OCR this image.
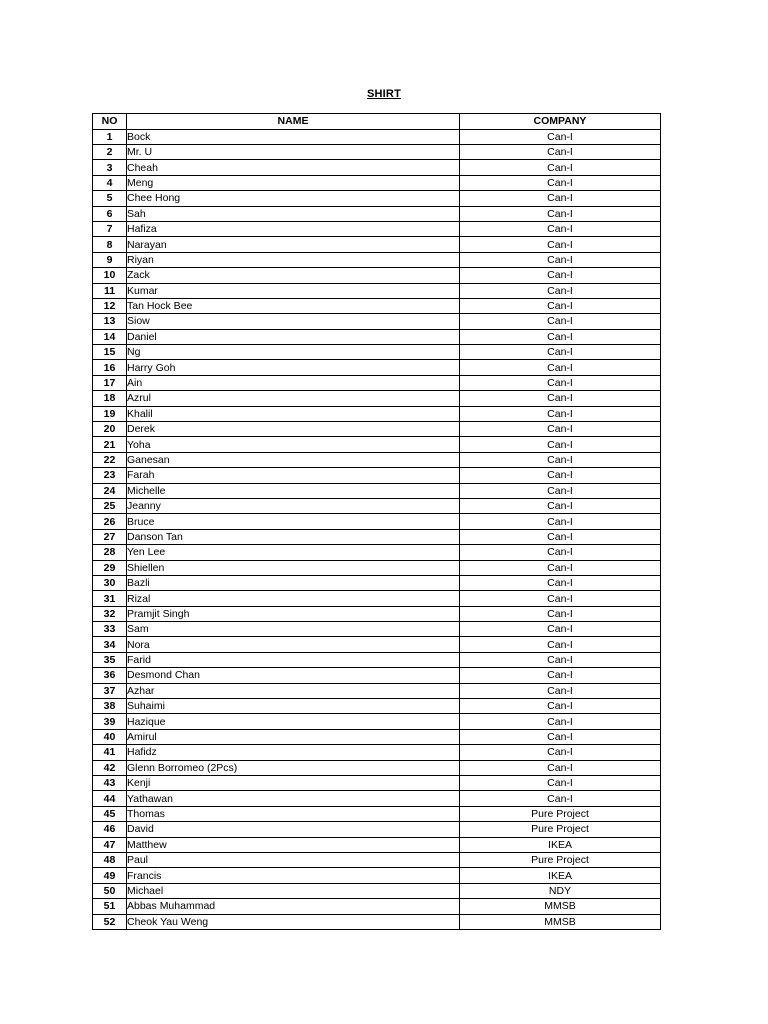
SHIRT
NO	NAME	COMPANY
1	Bock	Can-I
2	Mr. U	Can-I
3	Cheah	Can-I
4	Meng	Can-I
5	Chee Hong	Can-I
6	Sah	Can-I
7	Hafiza	Can-I
8	Narayan	Can-I
9	Riyan	Can-I
10	Zack	Can-I
11	Kumar	Can-I
12	Tan Hock Bee	Can-I
13	Siow	Can-I
14	Daniel	Can-I
15	Ng	Can-I
16	Harry Goh	Can-I
17	Ain	Can-I
18	Azrul	Can-I
19	Khalil	Can-I
20	Derek	Can-I
21	Yoha	Can-I
22	Ganesan	Can-I
23	Farah	Can-I
24	Michelle	Can-I
25	Jeanny	Can-I
26	Bruce	Can-I
27	Danson Tan	Can-I
28	Yen Lee	Can-I
29	Shiellen	Can-I
30	Bazli	Can-I
31	Rizal	Can-I
32	Pramjit Singh	Can-I
33	Sam	Can-I
34	Nora	Can-I
35	Farid	Can-I
36	Desmond Chan	Can-I
37	Azhar	Can-I
38	Suhaimi	Can-I
39	Hazique	Can-I
40	Amirul	Can-I
41	Hafidz	Can-I
42	Glenn Borromeo (2Pcs)	Can-I
43	Kenji	Can-I
44	Yathawan	Can-I
45	Thomas	Pure Project
46	David	Pure Project
47	Matthew	IKEA
48	Paul	Pure Project
49	Francis	IKEA
50	Michael	NDY
51	Abbas Muhammad	MMSB
52	Cheok Yau Weng	MMSB
